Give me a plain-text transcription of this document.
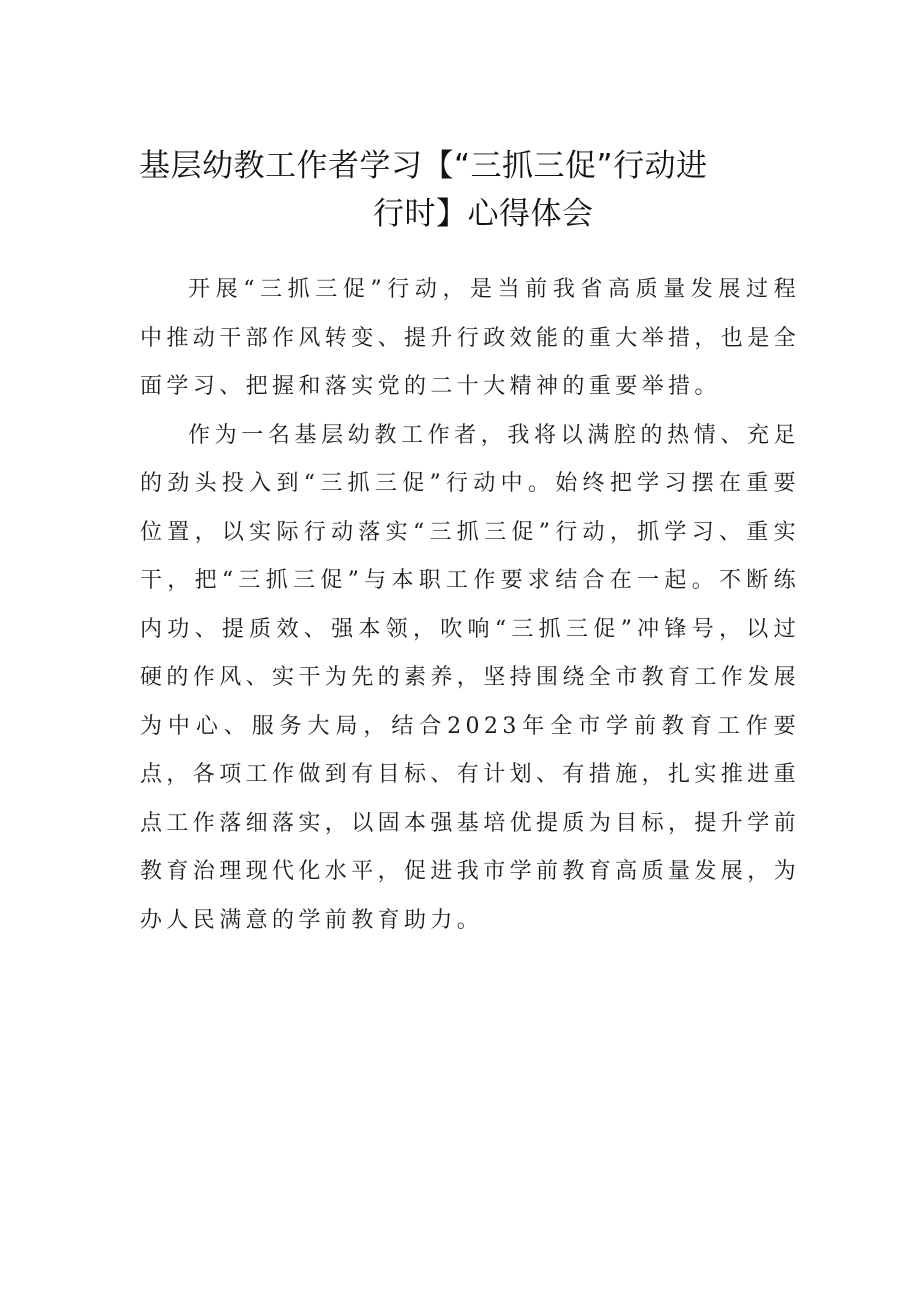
基层幼教工作者学习【“三抓三促”行动进
行时】心得体会

开展“三抓三促”行动，是当前我省高质量发展过程中推动干部作风转变、提升行政效能的重大举措，也是全面学习、把握和落实党的二十大精神的重要举措。

作为一名基层幼教工作者，我将以满腔的热情、充足的劲头投入到“三抓三促”行动中。始终把学习摆在重要位置，以实际行动落实“三抓三促”行动，抓学习、重实干，把“三抓三促”与本职工作要求结合在一起。不断练内功、提质效、强本领，吹响“三抓三促”冲锋号，以过硬的作风、实干为先的素养，坚持围绕全市教育工作发展为中心、服务大局，结合2023年全市学前教育工作要点，各项工作做到有目标、有计划、有措施，扎实推进重点工作落细落实，以固本强基培优提质为目标，提升学前教育治理现代化水平，促进我市学前教育高质量发展，为办人民满意的学前教育助力。
